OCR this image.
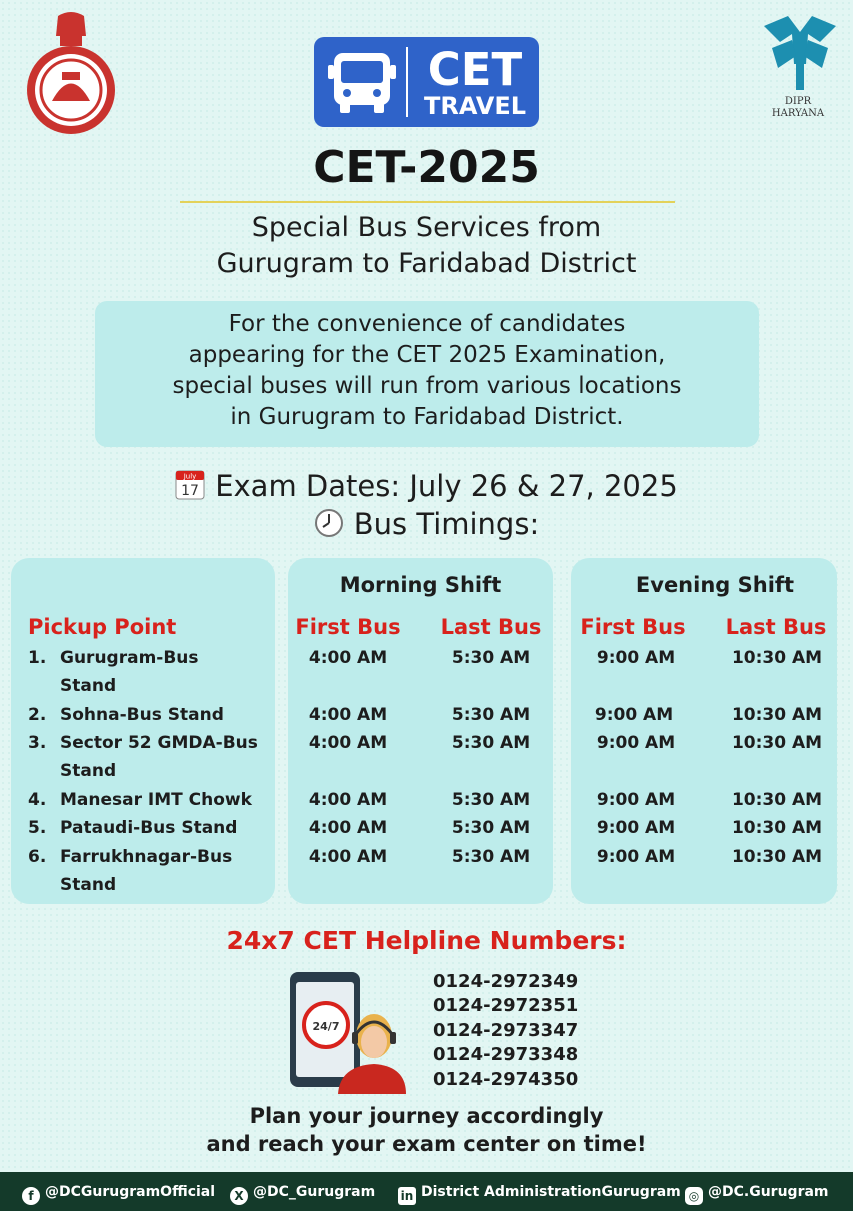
CET
TRAVEL	DIPR
HARYANA
CET-2025
Special Bus Services from
Gurugram to Faridabad District
For the convenience of candidates
appearing for the CET 2025 Examination,
special buses will run from various locations
in Gurugram to Faridabad District.
July
17 Exam Dates: July 26 & 27, 2025
Bus Timings:
Morning Shift	Evening Shift
Pickup Point	First Bus	Last Bus	First Bus	Last Bus
1. Gurugram-Bus
Stand
4:00 AM	5:30 AM	9:00 AM	10:30 AM
2. Sohna-Bus Stand	4:00 AM	5:30 AM	9:00 AM	10:30 AM
3. Sector 52 GMDA-Bus
Stand
4:00 AM	5:30 AM	9:00 AM	10:30 AM
4. Manesar IMT Chowk	4:00 AM	5:30 AM	9:00 AM	10:30 AM
5. Pataudi-Bus Stand	4:00 AM	5:30 AM	9:00 AM	10:30 AM
6. Farrukhnagar-Bus
Stand
4:00 AM	5:30 AM	9:00 AM	10:30 AM
24x7 CET Helpline Numbers:
24/7
0124-2972349
0124-2972351
0124-2973347
0124-2973348
0124-2974350
Plan your journey accordingly
and reach your exam center on time!
f @DCGurugramOfficial	X @DC_Gurugram in District AdministrationGurugram ◎ @DC.Gurugram
